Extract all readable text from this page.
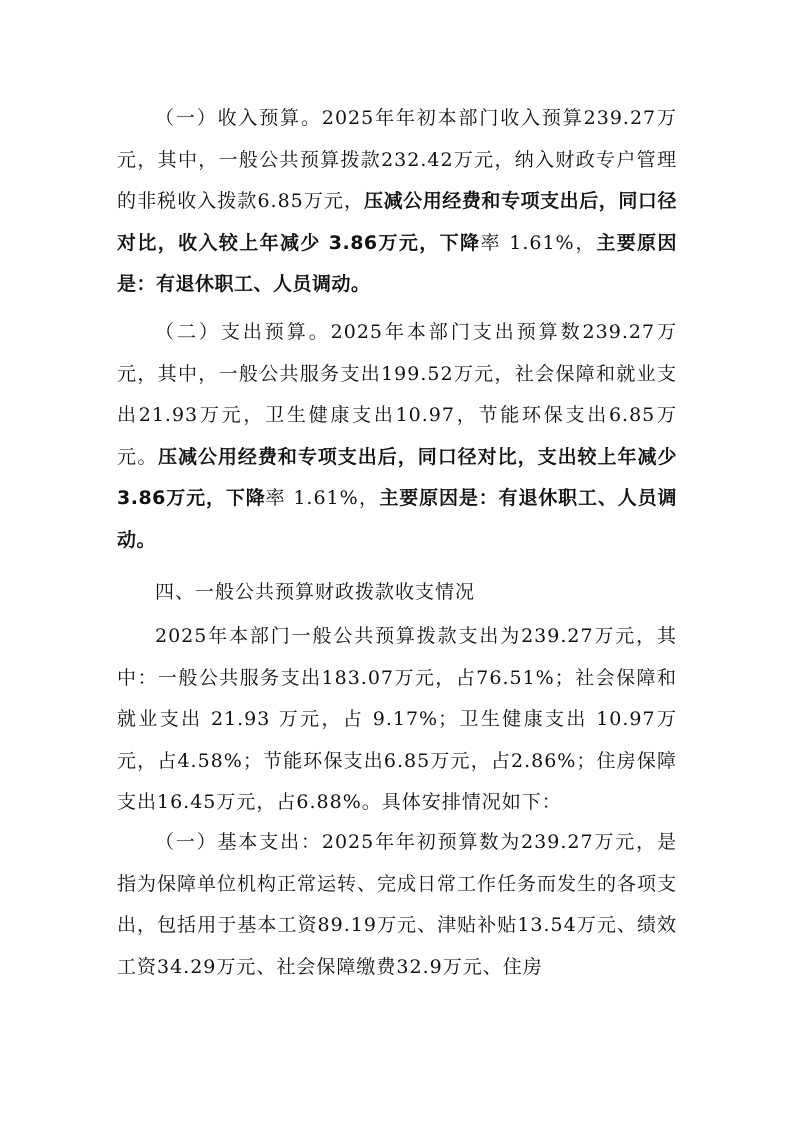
（一）收入预算。2025年年初本部门收入预算239.27万元，其中，一般公共预算拨款232.42万元，纳入财政专户管理的非税收入拨款6.85万元，压减公用经费和专项支出后，同口径对比，收入较上年减少 3.86万元，下降率 1.61%，主要原因是：有退休职工、人员调动。
（二）支出预算。2025年本部门支出预算数239.27万元，其中，一般公共服务支出199.52万元，社会保障和就业支出21.93万元，卫生健康支出10.97，节能环保支出6.85万元。压减公用经费和专项支出后，同口径对比，支出较上年减少 3.86万元，下降率 1.61%，主要原因是：有退休职工、人员调动。
四、一般公共预算财政拨款收支情况
2025年本部门一般公共预算拨款支出为239.27万元，其中：一般公共服务支出183.07万元，占76.51%；社会保障和就业支出 21.93 万元，占 9.17%；卫生健康支出 10.97万元，占4.58%；节能环保支出6.85万元，占2.86%；住房保障支出16.45万元，占6.88%。具体安排情况如下：
（一）基本支出：2025年年初预算数为239.27万元，是指为保障单位机构正常运转、完成日常工作任务而发生的各项支出，包括用于基本工资89.19万元、津贴补贴13.54万元、绩效工资34.29万元、社会保障缴费32.9万元、住房
